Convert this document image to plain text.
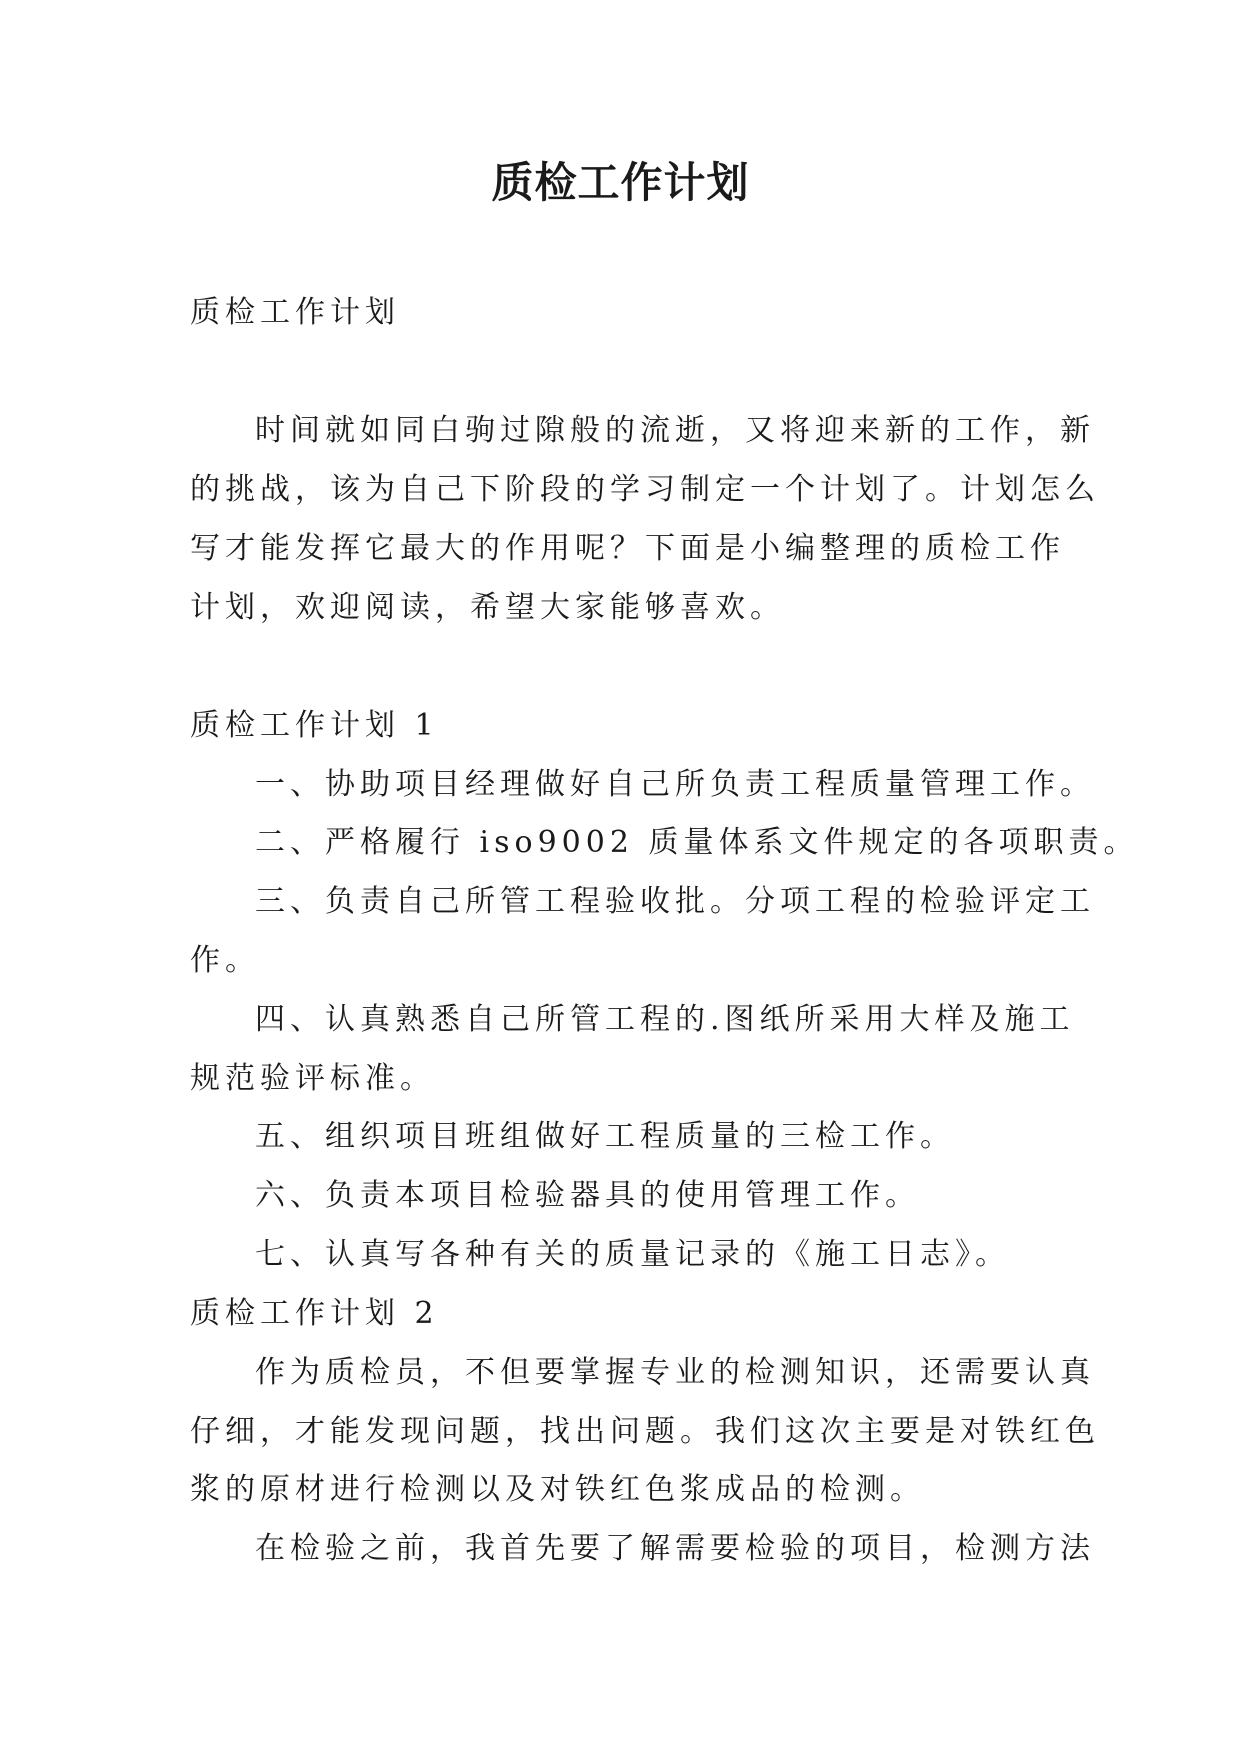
质检工作计划
质检工作计划
时间就如同白驹过隙般的流逝，又将迎来新的工作，新
的挑战，该为自己下阶段的学习制定一个计划了。计划怎么
写才能发挥它最大的作用呢？下面是小编整理的质检工作
计划，欢迎阅读，希望大家能够喜欢。
质检工作计划 1
一、协助项目经理做好自己所负责工程质量管理工作。
二、严格履行 iso9002 质量体系文件规定的各项职责。
三、负责自己所管工程验收批。分项工程的检验评定工
作。
四、认真熟悉自己所管工程的.图纸所采用大样及施工
规范验评标准。
五、组织项目班组做好工程质量的三检工作。
六、负责本项目检验器具的使用管理工作。
七、认真写各种有关的质量记录的《施工日志》。
质检工作计划 2
作为质检员，不但要掌握专业的检测知识，还需要认真
仔细，才能发现问题，找出问题。我们这次主要是对铁红色
浆的原材进行检测以及对铁红色浆成品的检测。
在检验之前，我首先要了解需要检验的项目，检测方法
